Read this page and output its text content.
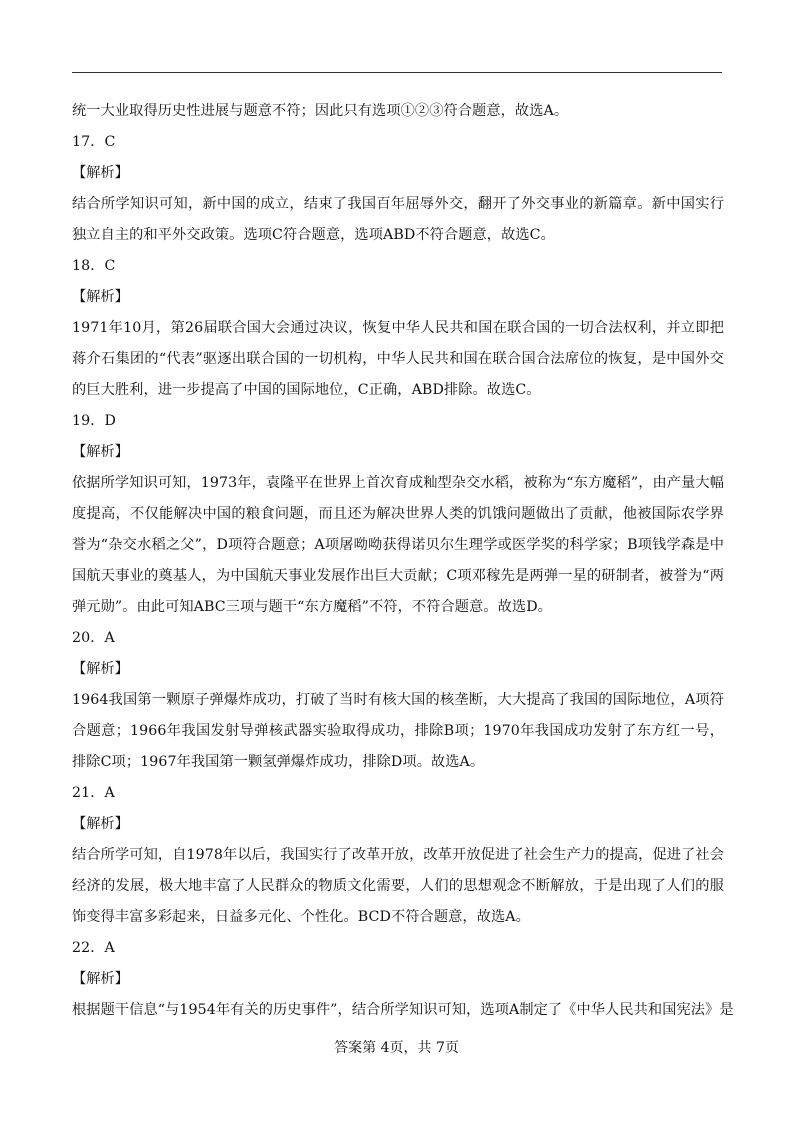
统一大业取得历史性进展与题意不符；因此只有选项①②③符合题意，故选A。
17．C
【解析】
结合所学知识可知，新中国的成立，结束了我国百年屈辱外交，翻开了外交事业的新篇章。新中国实行独立自主的和平外交政策。选项C符合题意，选项ABD不符合题意，故选C。
18．C
【解析】
1971年10月，第26届联合国大会通过决议，恢复中华人民共和国在联合国的一切合法权利，并立即把蒋介石集团的“代表”驱逐出联合国的一切机构，中华人民共和国在联合国合法席位的恢复，是中国外交的巨大胜利，进一步提高了中国的国际地位，C正确，ABD排除。故选C。
19．D
【解析】
依据所学知识可知，1973年，袁隆平在世界上首次育成籼型杂交水稻，被称为“东方魔稻”，由产量大幅度提高，不仅能解决中国的粮食问题，而且还为解决世界人类的饥饿问题做出了贡献，他被国际农学界誉为“杂交水稻之父”，D项符合题意；A项屠呦呦获得诺贝尔生理学或医学奖的科学家；B项钱学森是中国航天事业的奠基人，为中国航天事业发展作出巨大贡献；C项邓稼先是两弹一星的研制者，被誉为“两弹元勋”。由此可知ABC三项与题干“东方魔稻”不符，不符合题意。故选D。
20．A
【解析】
1964我国第一颗原子弹爆炸成功，打破了当时有核大国的核垄断，大大提高了我国的国际地位，A项符合题意；1966年我国发射导弹核武器实验取得成功，排除B项；1970年我国成功发射了东方红一号，排除C项；1967年我国第一颗氢弹爆炸成功，排除D项。故选A。
21．A
【解析】
结合所学可知，自1978年以后，我国实行了改革开放，改革开放促进了社会生产力的提高，促进了社会经济的发展，极大地丰富了人民群众的物质文化需要，人们的思想观念不断解放，于是出现了人们的服饰变得丰富多彩起来，日益多元化、个性化。BCD不符合题意，故选A。
22．A
【解析】
根据题干信息“与1954年有关的历史事件”，结合所学知识可知，选项A制定了《中华人民共和国宪法》是
答案第 4页，共 7页
